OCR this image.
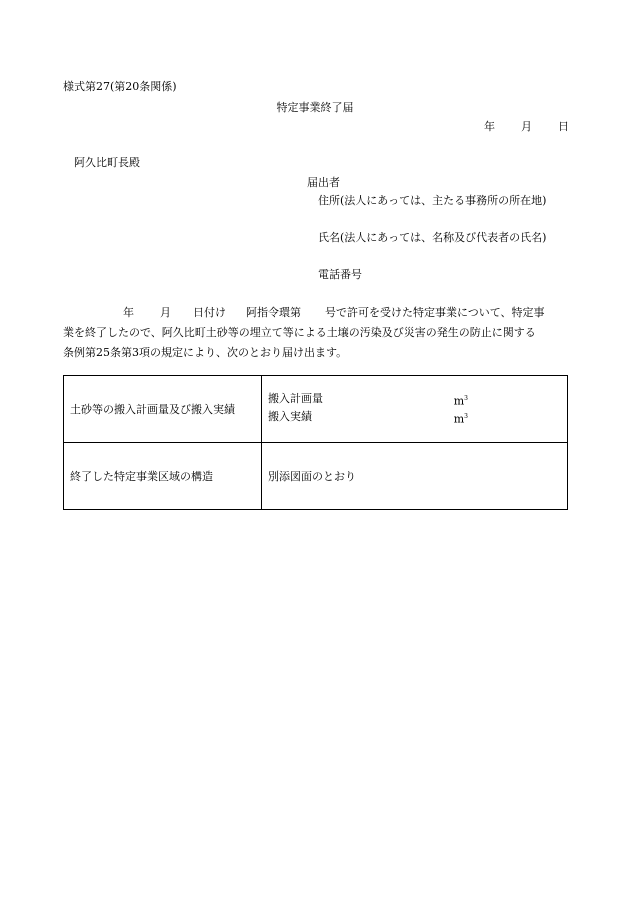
様式第27(第20条関係)
特定事業終了届
年 月 日
阿久比町長殿
届出者
住所(法人にあっては、主たる事務所の所在地)
氏名(法人にあっては、名称及び代表者の氏名)
電話番号
年 月 日付け 阿指令環第 号で許可を受けた特定事業について、特定事
業を終了したので、阿久比町土砂等の埋立て等による土壌の汚染及び災害の発生の防止に関する
条例第25条第3項の規定により、次のとおり届け出ます。
土砂等の搬入計画量及び搬入実績	搬入計画量 $m^3$
搬入実績 $m^3$

終了した特定事業区域の構造	別添図面のとおり
